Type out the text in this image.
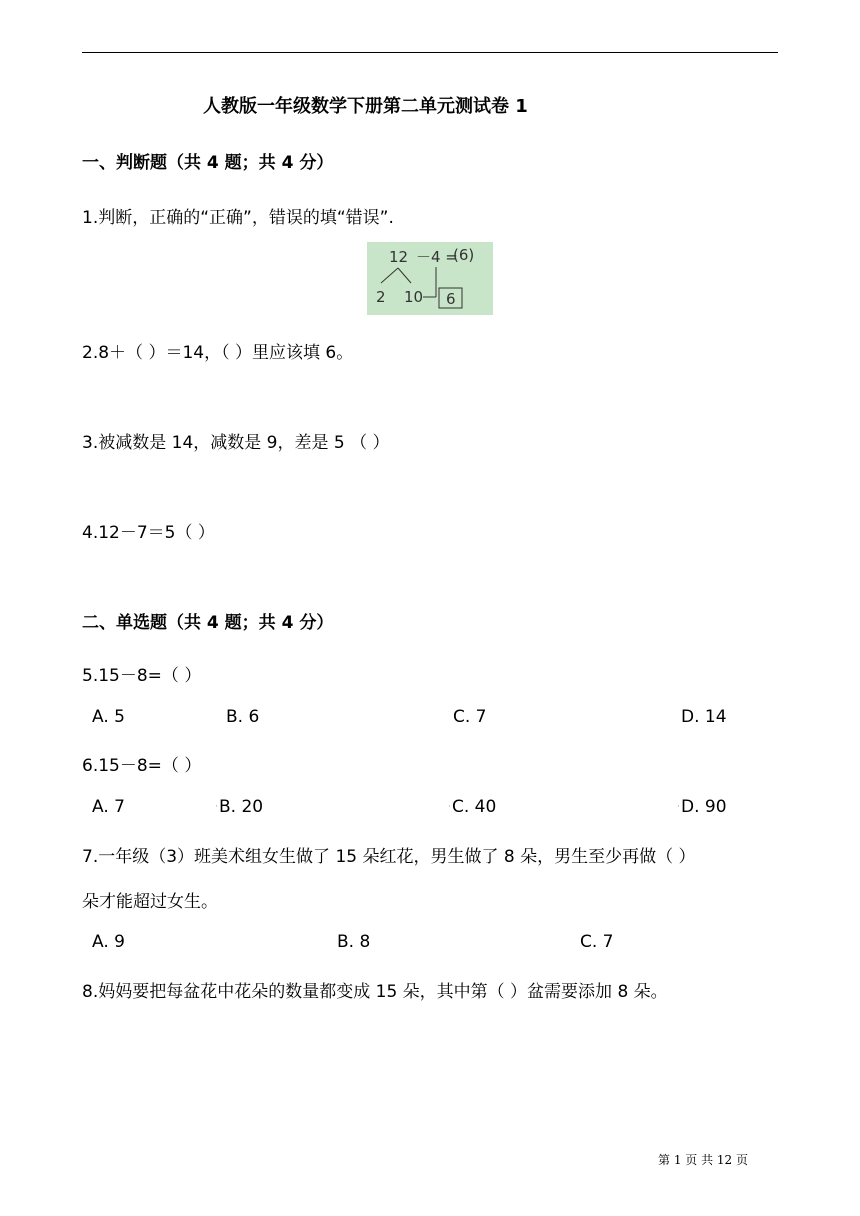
人教版一年级数学下册第二单元测试卷 1
一、判断题（共 4 题；共 4 分）
1.判断，正确的“正确”，错误的填“错误”.
12 －4 =
(6)
2 10 6
2.8＋（ ）＝14，（ ）里应该填 6。
3.被减数是 14，减数是 9，差是 5 （ ）
4.12－7＝5（ ）
二、单选题（共 4 题；共 4 分）
5.15－8=（ ）
A. 5	B. 6	C. 7	D. 14
6.15－8=（ ）
A. 7	· B. 20	· C. 40	· D. 90
7.一年级（3）班美术组女生做了 15 朵红花，男生做了 8 朵，男生至少再做（ ）
朵才能超过女生。
A. 9	B. 8	C. 7
8.妈妈要把每盆花中花朵的数量都变成 15 朵，其中第（ ）盆需要添加 8 朵。
第 1 页 共 12 页
